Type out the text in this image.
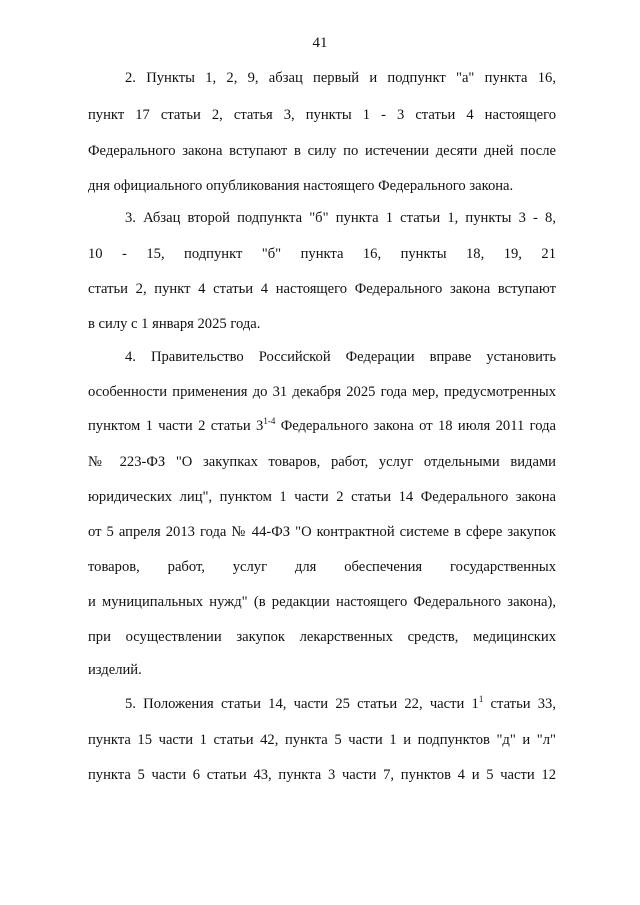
41
2. Пункты 1, 2, 9, абзац первый и подпункт "а" пункта 16,
пункт 17 статьи 2, статья 3, пункты 1 - 3 статьи 4 настоящего
Федерального закона вступают в силу по истечении десяти дней после
дня официального опубликования настоящего Федерального закона.
3. Абзац второй подпункта "б" пункта 1 статьи 1, пункты 3 - 8,
10 - 15, подпункт "б" пункта 16, пункты 18, 19, 21
статьи 2, пункт 4 статьи 4 настоящего Федерального закона вступают
в силу с 1 января 2025 года.
4. Правительство Российской Федерации вправе установить
особенности применения до 31 декабря 2025 года мер, предусмотренных
пунктом 1 части 2 статьи 3$^{1-4}$ Федерального закона от 18 июля 2011 года
№ 223-ФЗ "О закупках товаров, работ, услуг отдельными видами
юридических лиц", пунктом 1 части 2 статьи 14 Федерального закона
от 5 апреля 2013 года № 44-ФЗ "О контрактной системе в сфере закупок
товаров, работ, услуг для обеспечения государственных
и муниципальных нужд" (в редакции настоящего Федерального закона),
при осуществлении закупок лекарственных средств, медицинских
изделий.
5. Положения статьи 14, части 25 статьи 22, части $1^1$ статьи 33,
пункта 15 части 1 статьи 42, пункта 5 части 1 и подпунктов "д" и "л"
пункта 5 части 6 статьи 43, пункта 3 части 7, пунктов 4 и 5 части 12
